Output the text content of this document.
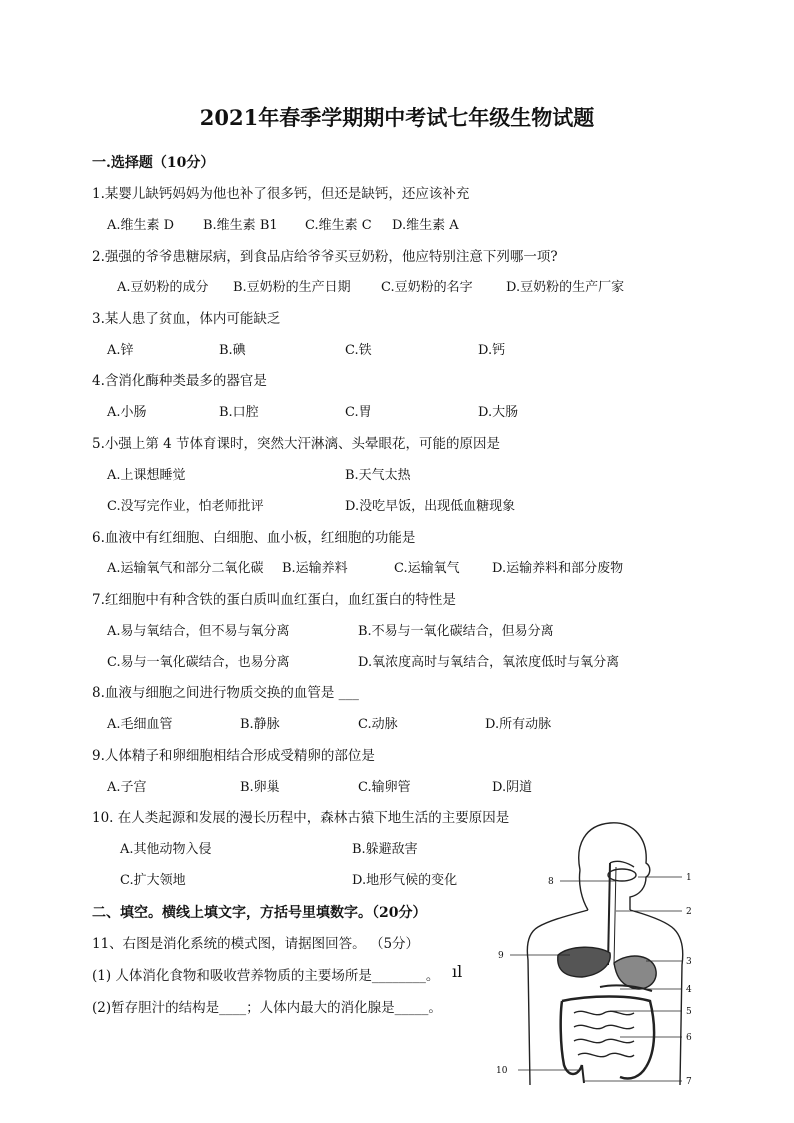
2021年春季学期期中考试七年级生物试题
一.选择题（10分）
1.某婴儿缺钙妈妈为他也补了很多钙，但还是缺钙，还应该补充
A.维生素 D B.维生素 B1 C.维生素 C D.维生素 A
2.强强的爷爷患糖尿病，到食品店给爷爷买豆奶粉，他应特别注意下列哪一项?
A.豆奶粉的成分 B.豆奶粉的生产日期 C.豆奶粉的名字	D.豆奶粉的生产厂家
3.某人患了贫血，体内可能缺乏
A.锌	B.碘	C.铁	D.钙
4.含消化酶种类最多的器官是
A.小肠	B.口腔	C.胃	D.大肠
5.小强上第 4 节体育课时，突然大汗淋漓、头晕眼花，可能的原因是
A.上课想睡觉	B.天气太热
C.没写完作业，怕老师批评	D.没吃早饭，出现低血糖现象
6.血液中有红细胞、白细胞、血小板，红细胞的功能是
A.运输氧气和部分二氧化碳 B.运输养料	C.运输氧气 D.运输养料和部分废物
7.红细胞中有种含铁的蛋白质叫血红蛋白，血红蛋白的特性是
A.易与氧结合，但不易与氧分离	B.不易与一氧化碳结合，但易分离
C.易与一氧化碳结合，也易分离	D.氧浓度高时与氧结合，氧浓度低时与氧分离
8.血液与细胞之间进行物质交换的血管是 ___
A.毛细血管	B.静脉	C.动脉	D.所有动脉
9.人体精子和卵细胞相结合形成受精卵的部位是
A.子宫	B.卵巢	C.输卵管	D.阴道
10. 在人类起源和发展的漫长历程中，森林古猿下地生活的主要原因是
A.其他动物入侵	B.躲避敌害
C.扩大领地	D.地形气候的变化
二、填空。横线上填文字，方括号里填数字。（20分）
11、右图是消化系统的模式图，请据图回答。 （5分）
(1) 人体消化食物和吸收营养物质的主要场所是________。 ıl
(2)暂存胆汁的结构是____；人体内最大的消化腺是_____。
1
2
3
4
5
6
7
8
9
10
